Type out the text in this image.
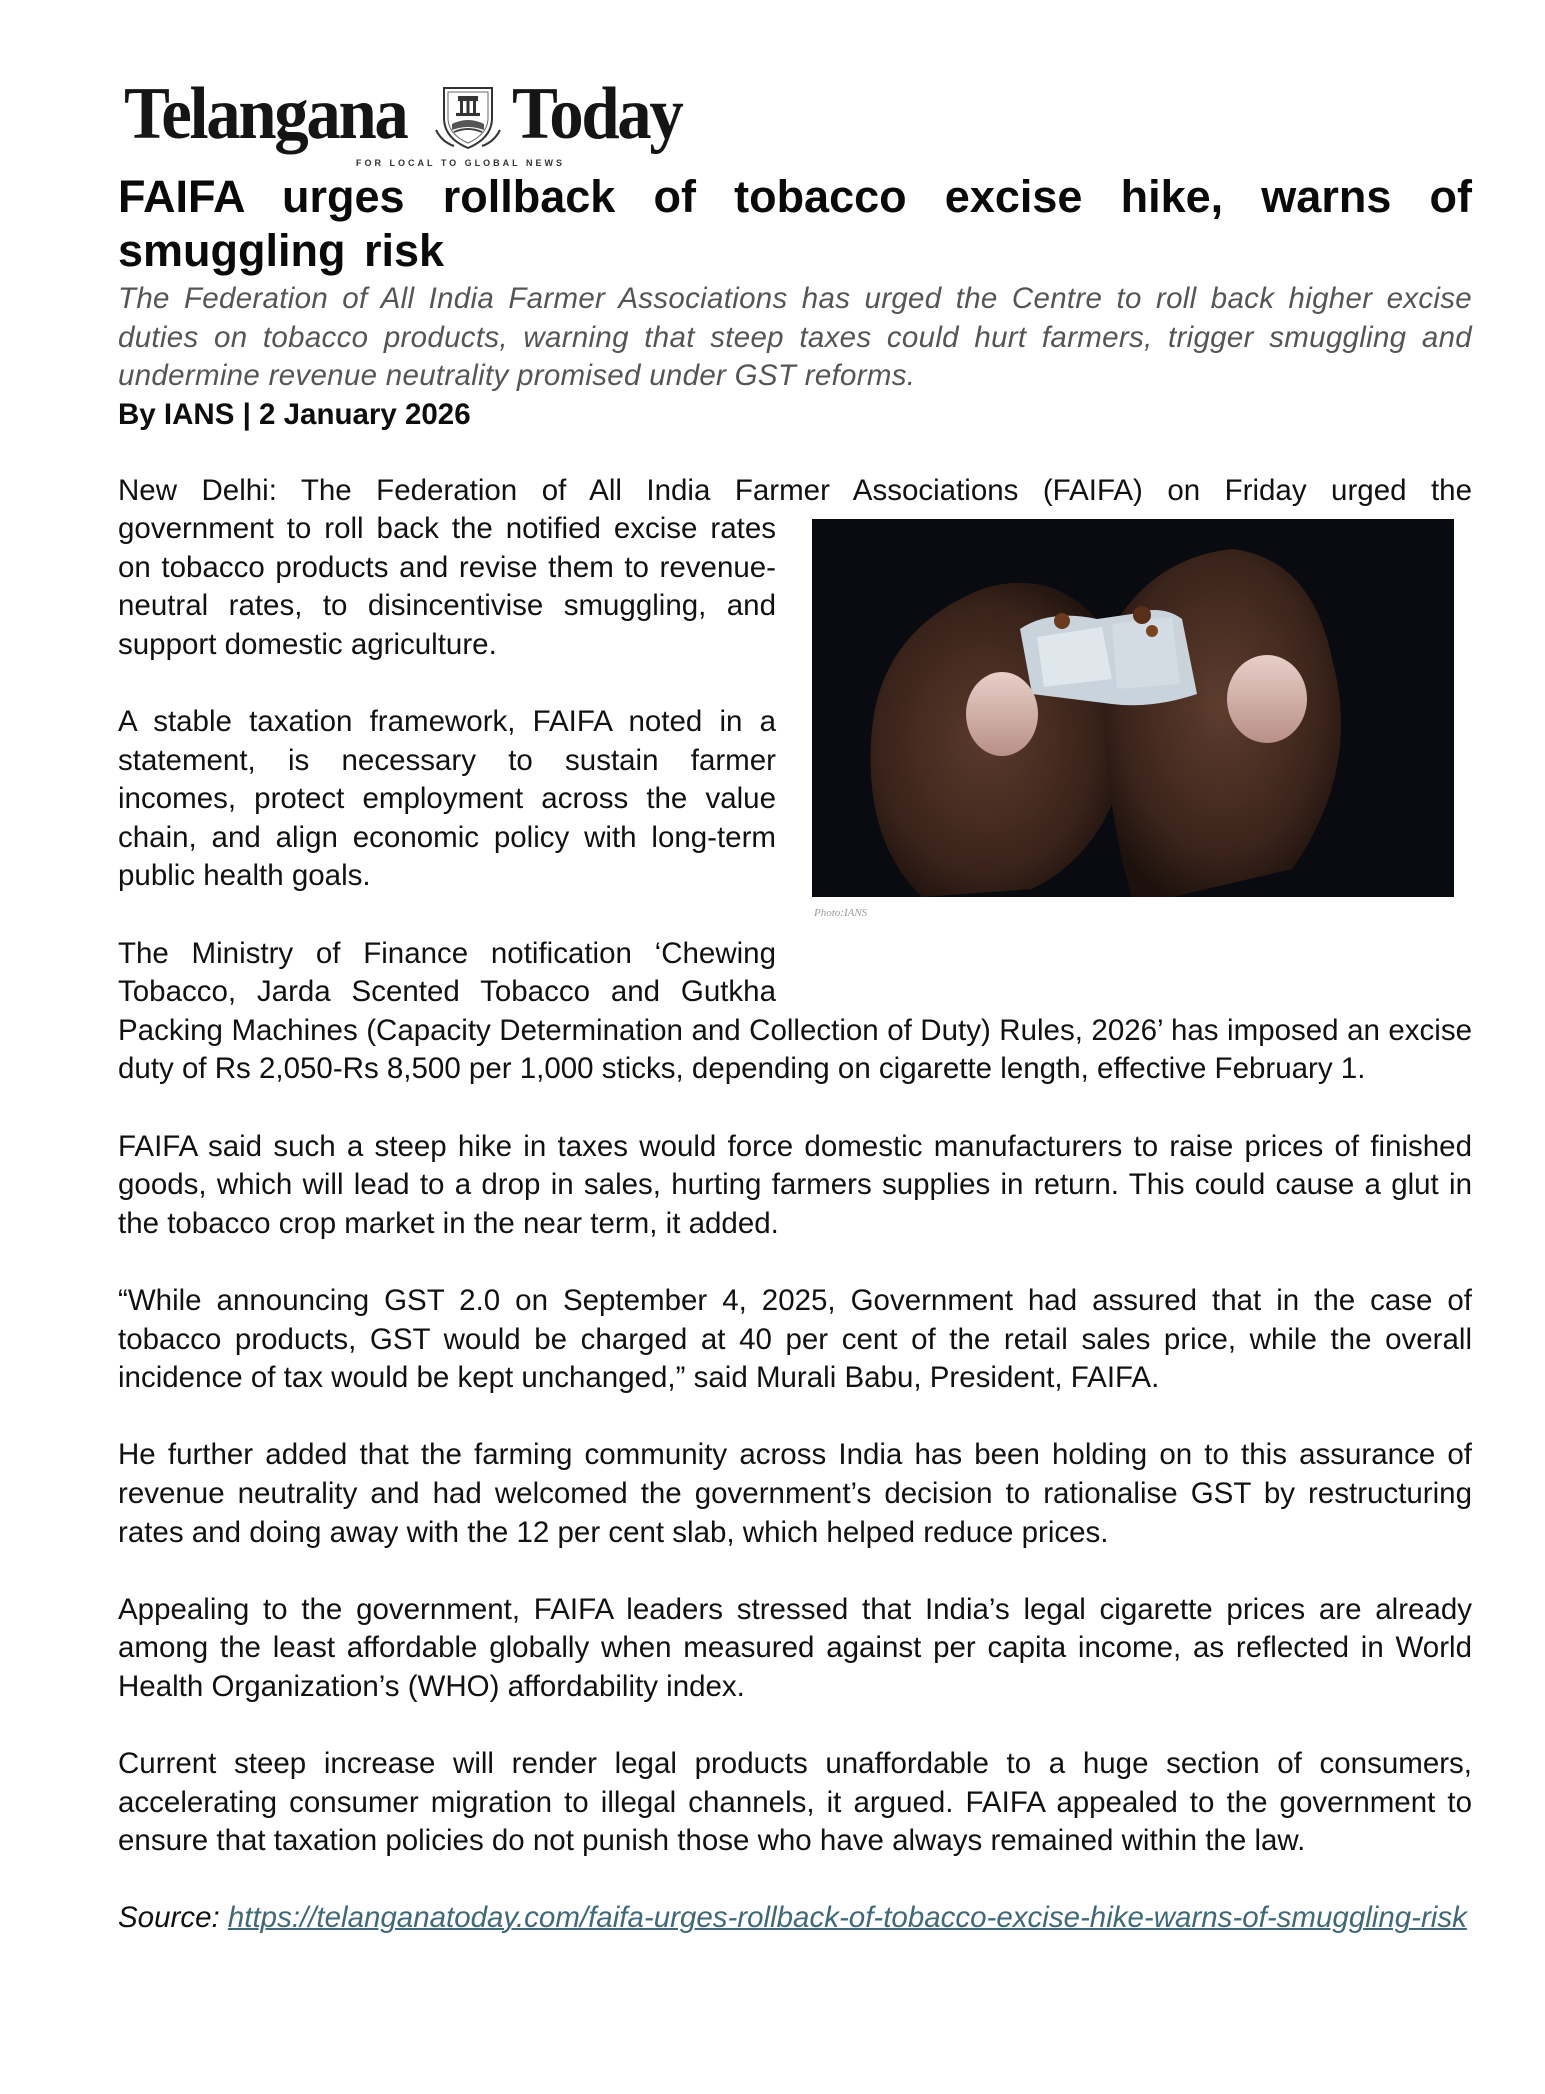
Telangana Today
FOR LOCAL TO GLOBAL NEWS
FAIFA urges rollback of tobacco excise hike, warns of smuggling risk

The Federation of All India Farmer Associations has urged the Centre to roll back higher excise duties on tobacco products, warning that steep taxes could hurt farmers, trigger smuggling and undermine revenue neutrality promised under GST reforms.

By IANS | 2 January 2026

New Delhi: The Federation of All India Farmer Associations (FAIFA) on Friday urged the
Photo:IANS
government to roll back the notified excise rates on tobacco products and revise them to revenue-neutral rates, to disincentivise smuggling, and support domestic agriculture.

A stable taxation framework, FAIFA noted in a statement, is necessary to sustain farmer incomes, protect employment across the value chain, and align economic policy with long-term public health goals.

The Ministry of Finance notification ‘Chewing Tobacco, Jarda Scented Tobacco and Gutkha Packing Machines (Capacity Determination and Collection of Duty) Rules, 2026’ has imposed an excise duty of Rs 2,050-Rs 8,500 per 1,000 sticks, depending on cigarette length, effective February 1.

FAIFA said such a steep hike in taxes would force domestic manufacturers to raise prices of finished goods, which will lead to a drop in sales, hurting farmers supplies in return. This could cause a glut in the tobacco crop market in the near term, it added.

“While announcing GST 2.0 on September 4, 2025, Government had assured that in the case of tobacco products, GST would be charged at 40 per cent of the retail sales price, while the overall incidence of tax would be kept unchanged,” said Murali Babu, President, FAIFA.

He further added that the farming community across India has been holding on to this assurance of revenue neutrality and had welcomed the government’s decision to rationalise GST by restructuring rates and doing away with the 12 per cent slab, which helped reduce prices.

Appealing to the government, FAIFA leaders stressed that India’s legal cigarette prices are already among the least affordable globally when measured against per capita income, as reflected in World Health Organization’s (WHO) affordability index.

Current steep increase will render legal products unaffordable to a huge section of consumers, accelerating consumer migration to illegal channels, it argued. FAIFA appealed to the government to ensure that taxation policies do not punish those who have always remained within the law.

Source: https://telanganatoday.com/faifa-urges-rollback-of-tobacco-excise-hike-warns-of-smuggling-risk
